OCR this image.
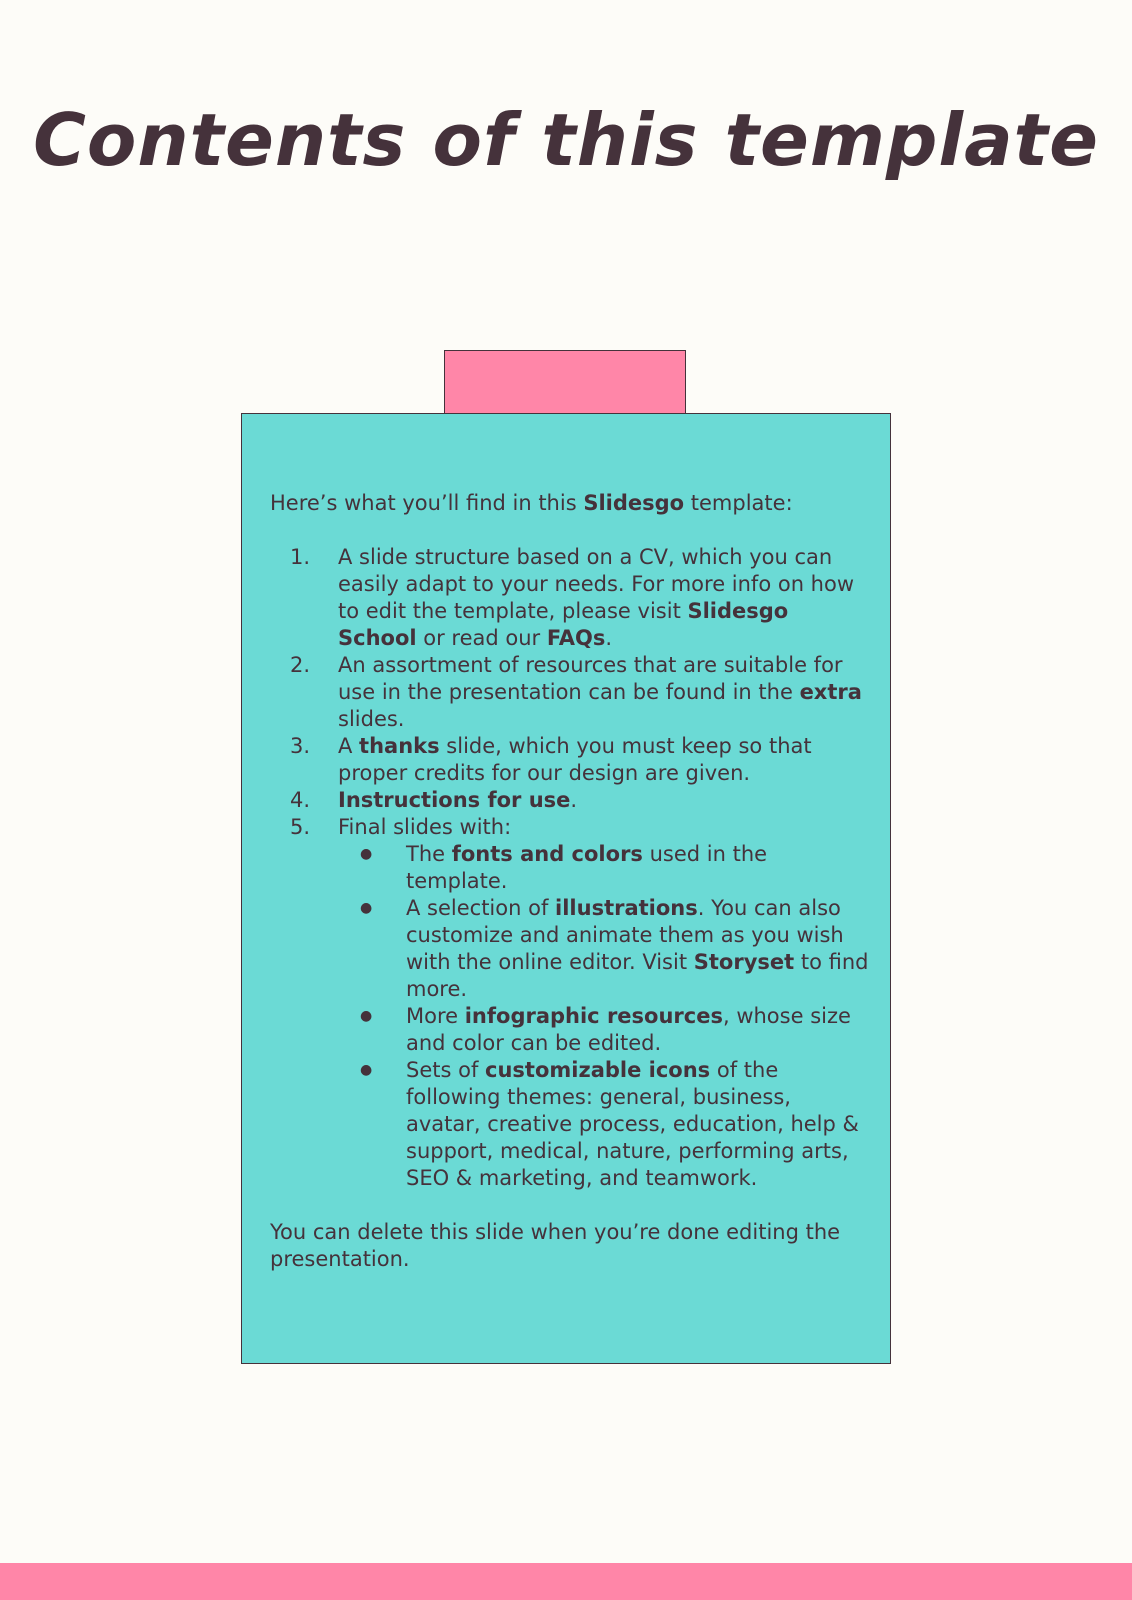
Contents of this template

Here’s what you’ll find in this Slidesgo template:

1. A slide structure based on a CV, which you can easily adapt to your needs. For more info on how to edit the template, please visit Slidesgo School or read our FAQs.
2. An assortment of resources that are suitable for use in the presentation can be found in the extra slides.
3. A thanks slide, which you must keep so that proper credits for our design are given.
4. Instructions for use.
5. Final slides with:
● The fonts and colors used in the template.
● A selection of illustrations. You can also customize and animate them as you wish with the online editor. Visit Storyset to find more.
● More infographic resources, whose size and color can be edited.
● Sets of customizable icons of the following themes: general, business, avatar, creative process, education, help & support, medical, nature, performing arts, SEO & marketing, and teamwork.

You can delete this slide when you’re done editing the presentation.
